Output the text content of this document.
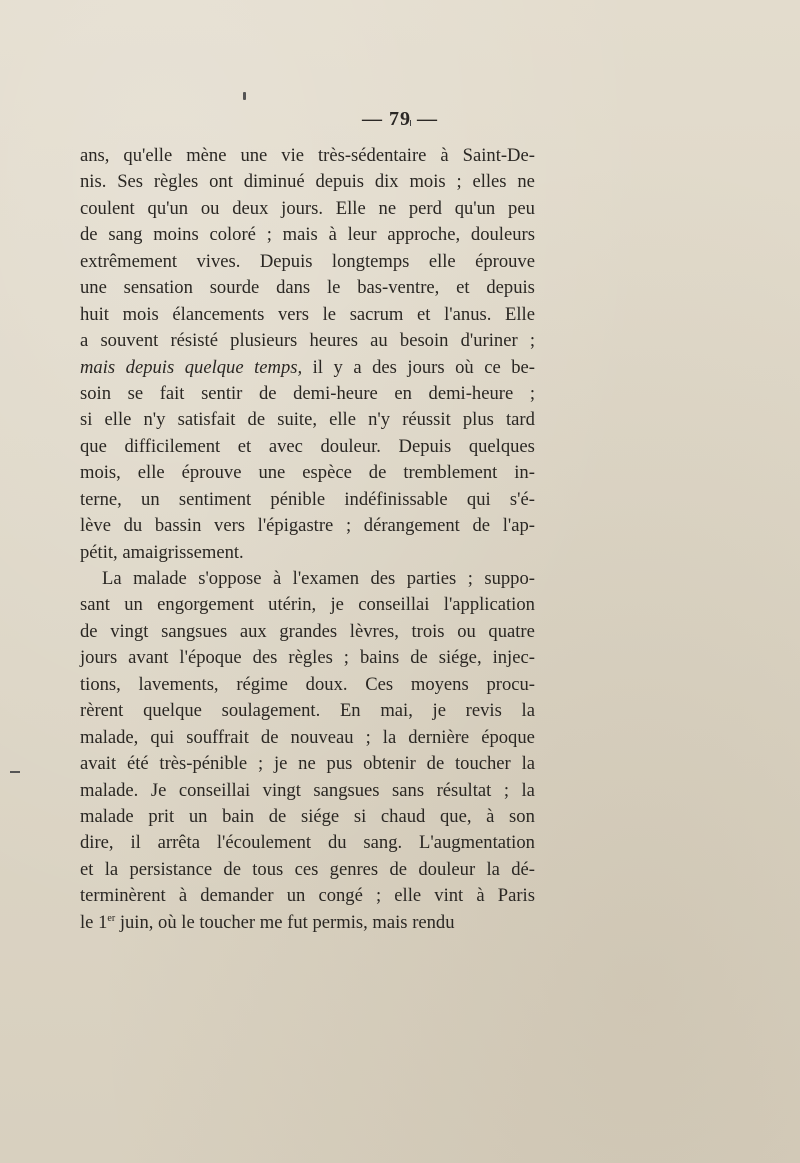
— 79 —
ans, qu'elle mène une vie très-sédentaire à Saint-De-
nis. Ses règles ont diminué depuis dix mois ; elles ne
coulent qu'un ou deux jours. Elle ne perd qu'un peu
de sang moins coloré ; mais à leur approche, douleurs
extrêmement vives. Depuis longtemps elle éprouve
une sensation sourde dans le bas-ventre, et depuis
huit mois élancements vers le sacrum et l'anus. Elle
a souvent résisté plusieurs heures au besoin d'uriner ;
mais depuis quelque temps, il y a des jours où ce be-
soin se fait sentir de demi-heure en demi-heure ;
si elle n'y satisfait de suite, elle n'y réussit plus tard
que difficilement et avec douleur. Depuis quelques
mois, elle éprouve une espèce de tremblement in-
terne, un sentiment pénible indéfinissable qui s'é-
lève du bassin vers l'épigastre ; dérangement de l'ap-
pétit,
amaigrissement.
La malade s'oppose à l'examen des parties ; suppo-
sant un engorgement utérin, je conseillai l'application
de vingt sangsues aux grandes lèvres, trois ou quatre
jours avant l'époque des règles ; bains de siége, injec-
tions, lavements, régime doux. Ces moyens procu-
rèrent quelque soulagement. En mai, je revis la
malade, qui souffrait de nouveau ; la dernière époque
avait été très-pénible ; je ne pus obtenir de toucher la
malade. Je conseillai vingt sangsues sans résultat ; la
malade prit un bain de siége si chaud que, à son
dire, il arrêta l'écoulement du sang. L'augmentation
et la persistance de tous ces genres de douleur la dé-
terminèrent à demander un congé ; elle vint à Paris
le
1er
juin,
où
le
toucher
me
fut
permis,
mais
rendu
